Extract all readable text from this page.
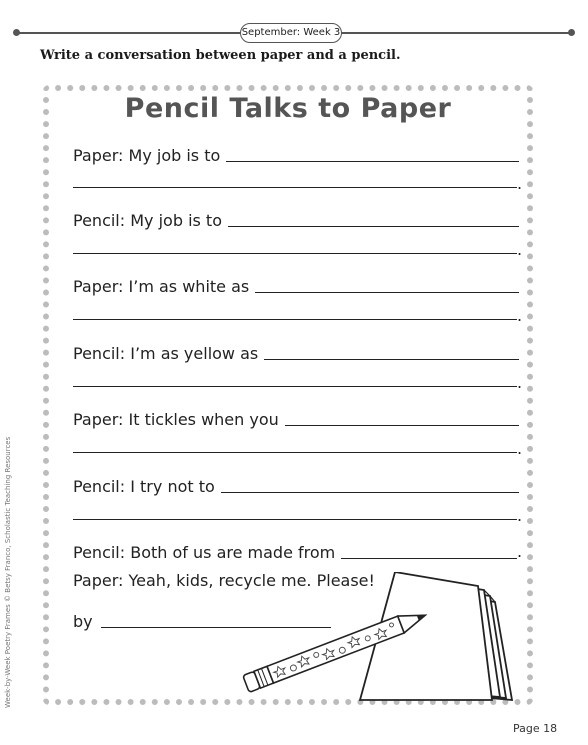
September: Week 3
Write a conversation between paper and a pencil.
Pencil Talks to Paper
Paper: My job is to
.
Pencil: My job is to
.
Paper: I’m as white as
.
Pencil: I’m as yellow as
.
Paper: It tickles when you
.
Pencil: I try not to
.
Pencil: Both of us are made from	.
Paper: Yeah, kids, recycle me. Please!
by
Week-by-Week Poetry Frames © Betsy Franco, Scholastic Teaching Resources
Page 18
